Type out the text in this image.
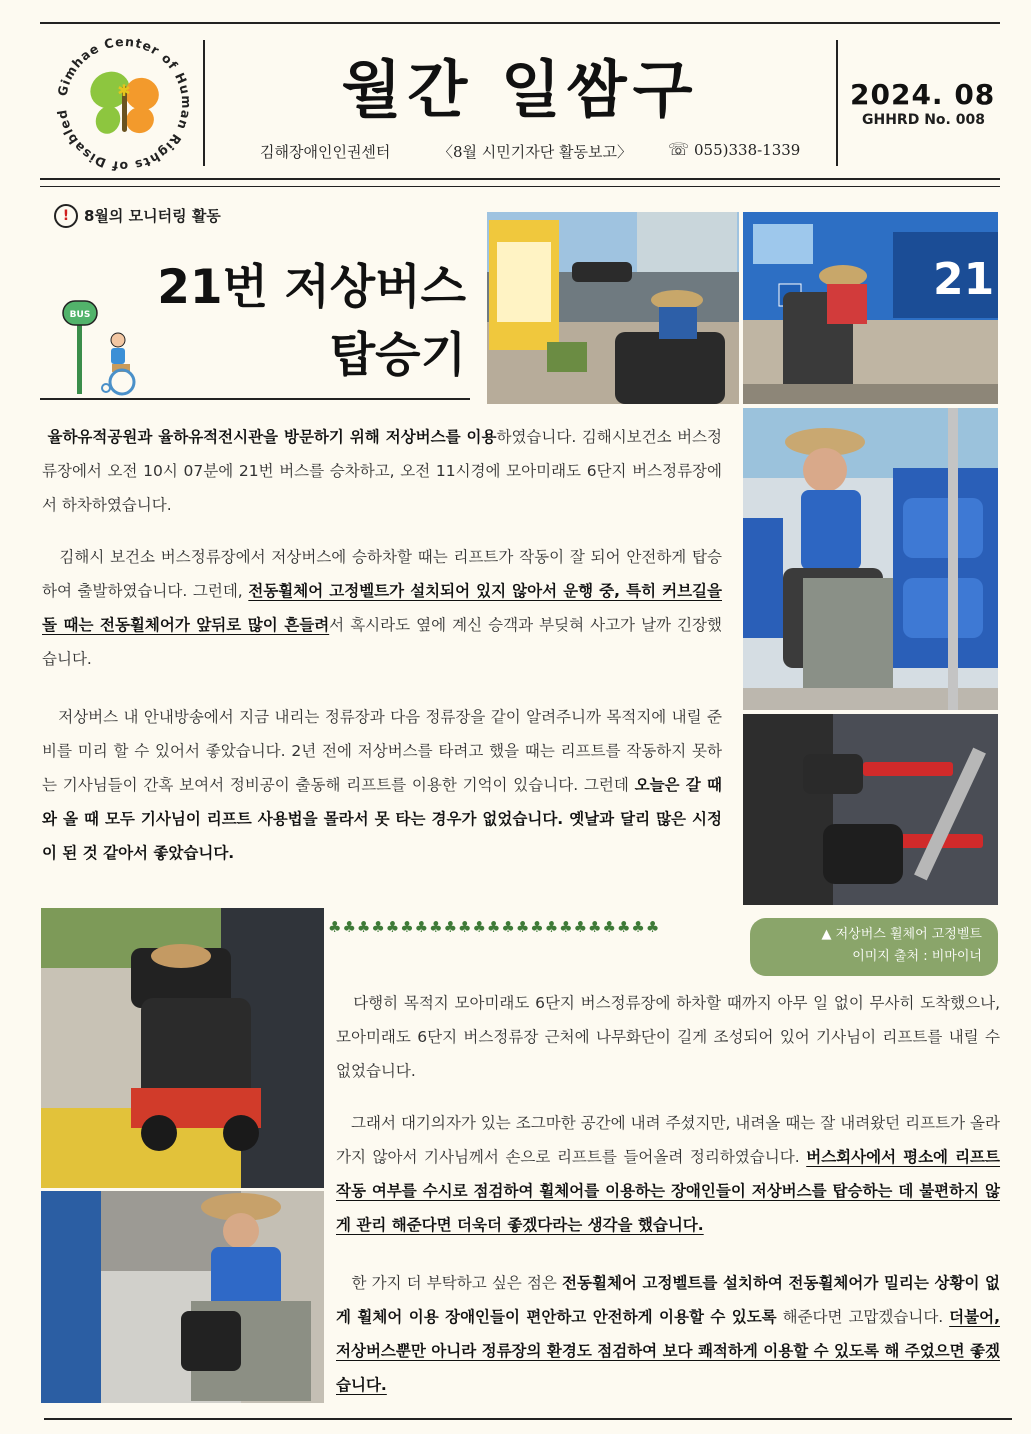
Gimhae Center of Human Rights of Disabled
✱	월간 일쌈구
김해장애인인권센터	〈8월 시민기자단 활동보고〉 ☏ 055)338-1339
2024. 08
GHHRD No. 008
! 8월의 모니터링 활동
21번 저상버스
탑승기
BUS
21

율하유적공원과 율하유적전시관을 방문하기 위해 저상버스를 이용하였습니다. 김해시보건소 버스정류장에서 오전 10시 07분에 21번 버스를 승차하고, 오전 11시경에 모아미래도 6단지 버스정류장에서 하차하였습니다.

김해시 보건소 버스정류장에서 저상버스에 승하차할 때는 리프트가 작동이 잘 되어 안전하게 탑승하여 출발하였습니다. 그런데, 전동휠체어 고정벨트가 설치되어 있지 않아서 운행 중, 특히 커브길을 돌 때는 전동휠체어가 앞뒤로 많이 흔들려서 혹시라도 옆에 계신 승객과 부딪혀 사고가 날까 긴장했습니다.

저상버스 내 안내방송에서 지금 내리는 정류장과 다음 정류장을 같이 알려주니까 목적지에 내릴 준비를 미리 할 수 있어서 좋았습니다. 2년 전에 저상버스를 타려고 했을 때는 리프트를 작동하지 못하는 기사님들이 간혹 보여서 정비공이 출동해 리프트를 이용한 기억이 있습니다. 그런데 오늘은 갈 때와 올 때 모두 기사님이 리프트 사용법을 몰라서 못 타는 경우가 없었습니다. 옛날과 달리 많은 시정이 된 것 같아서 좋았습니다.

♣♣♣♣♣♣♣♣♣♣♣♣♣♣♣♣♣♣♣♣♣♣♣	▲ 저상버스 휠체어 고정벨트
이미지 출처 : 비마이너

다행히 목적지 모아미래도 6단지 버스정류장에 하차할 때까지 아무 일 없이 무사히 도착했으나, 모아미래도 6단지 버스정류장 근처에 나무화단이 길게 조성되어 있어 기사님이 리프트를 내릴 수 없었습니다.

그래서 대기의자가 있는 조그마한 공간에 내려 주셨지만, 내려올 때는 잘 내려왔던 리프트가 올라가지 않아서 기사님께서 손으로 리프트를 들어올려 정리하였습니다. 버스회사에서 평소에 리프트 작동 여부를 수시로 점검하여 휠체어를 이용하는 장애인들이 저상버스를 탑승하는 데 불편하지 않게 관리 해준다면 더욱더 좋겠다라는 생각을 했습니다.

한 가지 더 부탁하고 싶은 점은 전동휠체어 고정벨트를 설치하여 전동휠체어가 밀리는 상황이 없게 휠체어 이용 장애인들이 편안하고 안전하게 이용할 수 있도록 해준다면 고맙겠습니다. 더불어, 저상버스뿐만 아니라 정류장의 환경도 점검하여 보다 쾌적하게 이용할 수 있도록 해 주었으면 좋겠습니다.
